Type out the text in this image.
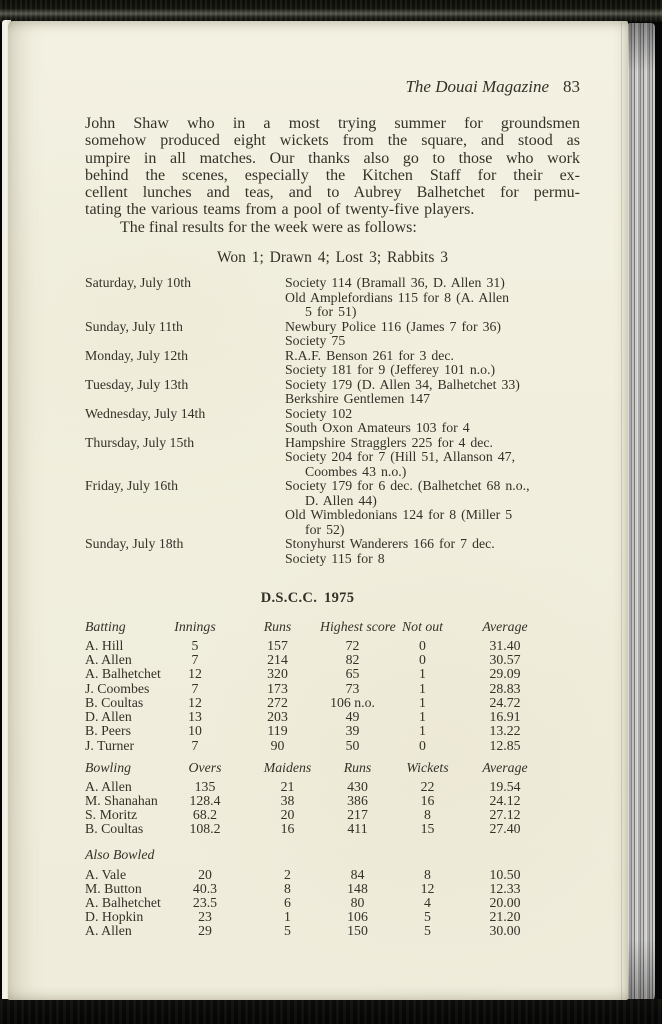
The Douai Magazine 83
John Shaw who in a most trying summer for groundsmen
somehow produced eight wickets from the square, and stood as
umpire in all matches. Our thanks also go to those who work
behind the scenes, especially the Kitchen Staff for their ex-
cellent lunches and teas, and to Aubrey Balhetchet for permu-
tating the various teams from a pool of twenty-five players.
The final results for the week were as follows:
Won 1; Drawn 4; Lost 3; Rabbits 3
Saturday, July 10th	Society 114 (Bramall 36, D. Allen 31)
Old Amplefordians 115 for 8 (A. Allen
5 for 51)
Sunday, July 11th	Newbury Police 116 (James 7 for 36)
Society 75
Monday, July 12th	R.A.F. Benson 261 for 3 dec.
Society 181 for 9 (Jefferey 101 n.o.)
Tuesday, July 13th	Society 179 (D. Allen 34, Balhetchet 33)
Berkshire Gentlemen 147
Wednesday, July 14th	Society 102
South Oxon Amateurs 103 for 4
Thursday, July 15th	Hampshire Stragglers 225 for 4 dec.
Society 204 for 7 (Hill 51, Allanson 47,
Coombes 43 n.o.)
Friday, July 16th	Society 179 for 6 dec. (Balhetchet 68 n.o.,
D. Allen 44)
Old Wimbledonians 124 for 8 (Miller 5
for 52)
Sunday, July 18th	Stonyhurst Wanderers 166 for 7 dec.
Society 115 for 8
D.S.C.C. 1975
Batting	Innings	Runs	Highest score	Not out	Average	
A. Hill	5	157	72	0	31.40	
A. Allen	7	214	82	0	30.57	
A. Balhetchet	12	320	65	1	29.09	
J. Coombes	7	173	73	1	28.83	
B. Coultas	12	272	106 n.o.	1	24.72	
D. Allen	13	203	49	1	16.91	
B. Peers	10	119	39	1	13.22	
J. Turner	7	90	50	0	12.85	
Bowling	Overs	Maidens	Runs	Wickets	Average	
A. Allen	135	21	430	22	19.54	
M. Shanahan	128.4	38	386	16	24.12	
S. Moritz	68.2	20	217	8	27.12	
B. Coultas	108.2	16	411	15	27.40	
Also Bowled
A. Vale	20	2	84	8	10.50	
M. Button	40.3	8	148	12	12.33	
A. Balhetchet	23.5	6	80	4	20.00	
D. Hopkin	23	1	106	5	21.20	
A. Allen	29	5	150	5	30.00	
